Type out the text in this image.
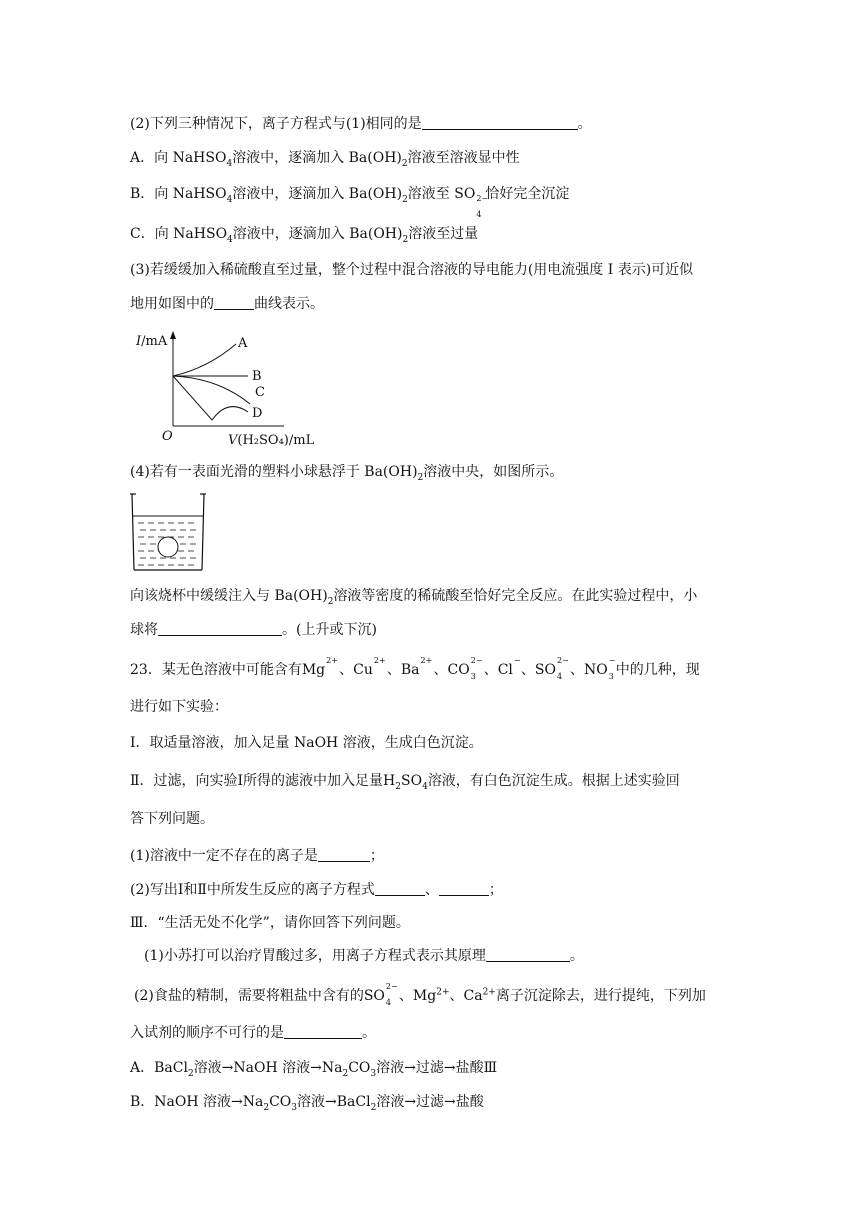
(2)下列三种情况下，离子方程式与(1)相同的是	。
A．向 NaHSO$_4$溶液中，逐滴加入 $Ba(OH)_2$溶液至溶液显中性
B．向 NaHSO$_4$溶液中，逐滴加入 $Ba(OH)_2$溶液至 SO 2−
4
恰好完全沉淀
C．向 NaHSO$_4$溶液中，逐滴加入 $Ba(OH)_2$溶液至过量
(3)若缓缓加入稀硫酸直至过量，整个过程中混合溶液的导电能力(用电流强度 I 表示)可近似
地用如图中的	曲线表示。
I/mA
O	V(H₂SO₄)/mL
A
B
C
D
(4)若有一表面光滑的塑料小球悬浮于 $Ba(OH)_2$溶液中央，如图所示。
向该烧杯中缓缓注入与 $Ba(OH)_2$溶液等密度的稀硫酸至恰好完全反应。在此实验过程中，小
球将	。(上升或下沉)
23．某无色溶液中可能含有Mg
2+
、Cu
2+
、Ba
2+
、CO
2−
3 、Cl
−
、SO
2−
4 、NO
−
3 中的几种，现
进行如下实验：
Ⅰ．取适量溶液，加入足量 NaOH 溶液，生成白色沉淀。
Ⅱ．过滤，向实验Ⅰ所得的滤液中加入足量$H_2SO_4$溶液，有白色沉淀生成。根据上述实验回
答下列问题。
(1)溶液中一定不存在的离子是	；
(2)写出Ⅰ和Ⅱ中所发生反应的离子方程式	、	；
Ⅲ．“生活无处不化学”，请你回答下列问题。
(1)小苏打可以治疗胃酸过多，用离子方程式表示其原理	。
(2)食盐的精制，需要将粗盐中含有的SO
2−
4 、$Mg^{2+}$、$Ca^{2+}$离子沉淀除去，进行提纯，下列加
入试剂的顺序不可行的是	。
A．BaCl$_2$溶液→NaOH 溶液$\to Na_2CO_3$溶液→过滤→盐酸Ⅲ
B．NaOH 溶液$\to Na_2CO_3$溶液→BaCl$_2$溶液→过滤→盐酸
